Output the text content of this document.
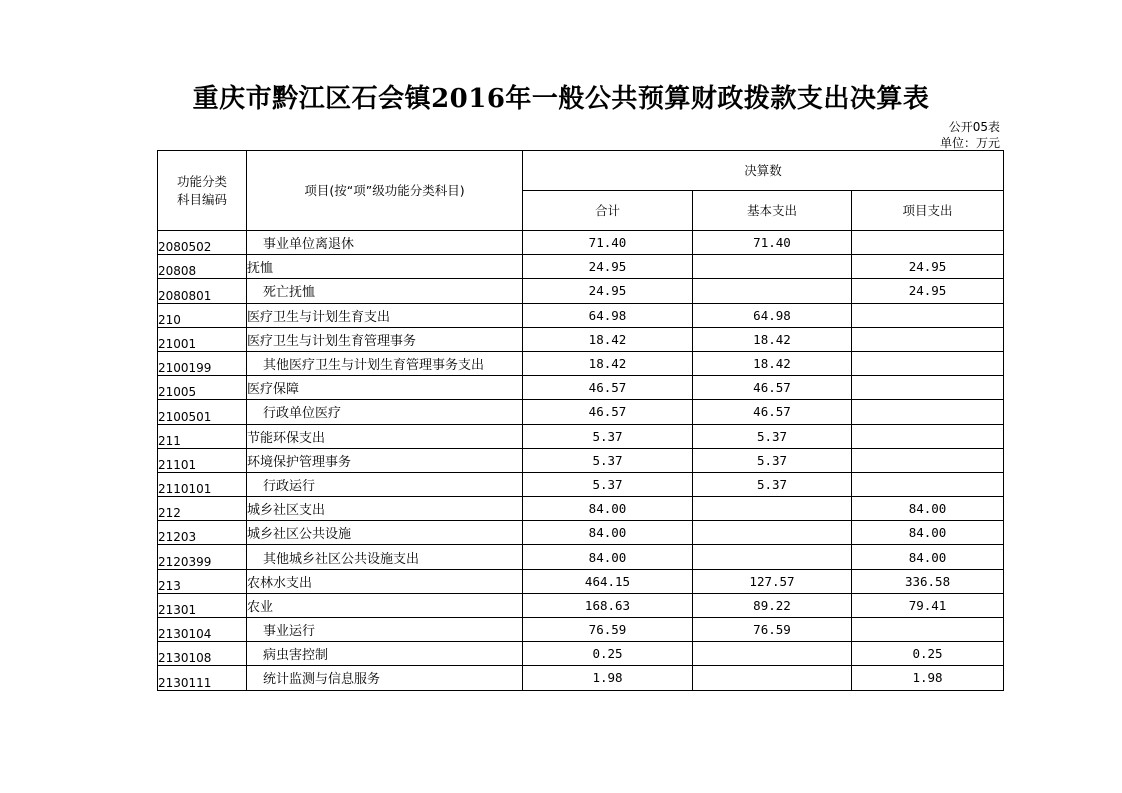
重庆市黔江区石会镇2016年一般公共预算财政拨款支出决算表
公开05表
单位：万元
功能分类科目编码	项目(按“项”级功能分类科目)	决算数		
		合计	基本支出	项目支出
2080502	事业单位离退休	71.40	71.40	
20808	抚恤	24.95		24.95
2080801	死亡抚恤	24.95		24.95
210	医疗卫生与计划生育支出	64.98	64.98	
21001	医疗卫生与计划生育管理事务	18.42	18.42	
2100199	其他医疗卫生与计划生育管理事务支出	18.42	18.42	
21005	医疗保障	46.57	46.57	
2100501	行政单位医疗	46.57	46.57	
211	节能环保支出	5.37	5.37	
21101	环境保护管理事务	5.37	5.37	
2110101	行政运行	5.37	5.37	
212	城乡社区支出	84.00		84.00
21203	城乡社区公共设施	84.00		84.00
2120399	其他城乡社区公共设施支出	84.00		84.00
213	农林水支出	464.15	127.57	336.58
21301	农业	168.63	89.22	79.41
2130104	事业运行	76.59	76.59	
2130108	病虫害控制	0.25		0.25
2130111	统计监测与信息服务	1.98		1.98
